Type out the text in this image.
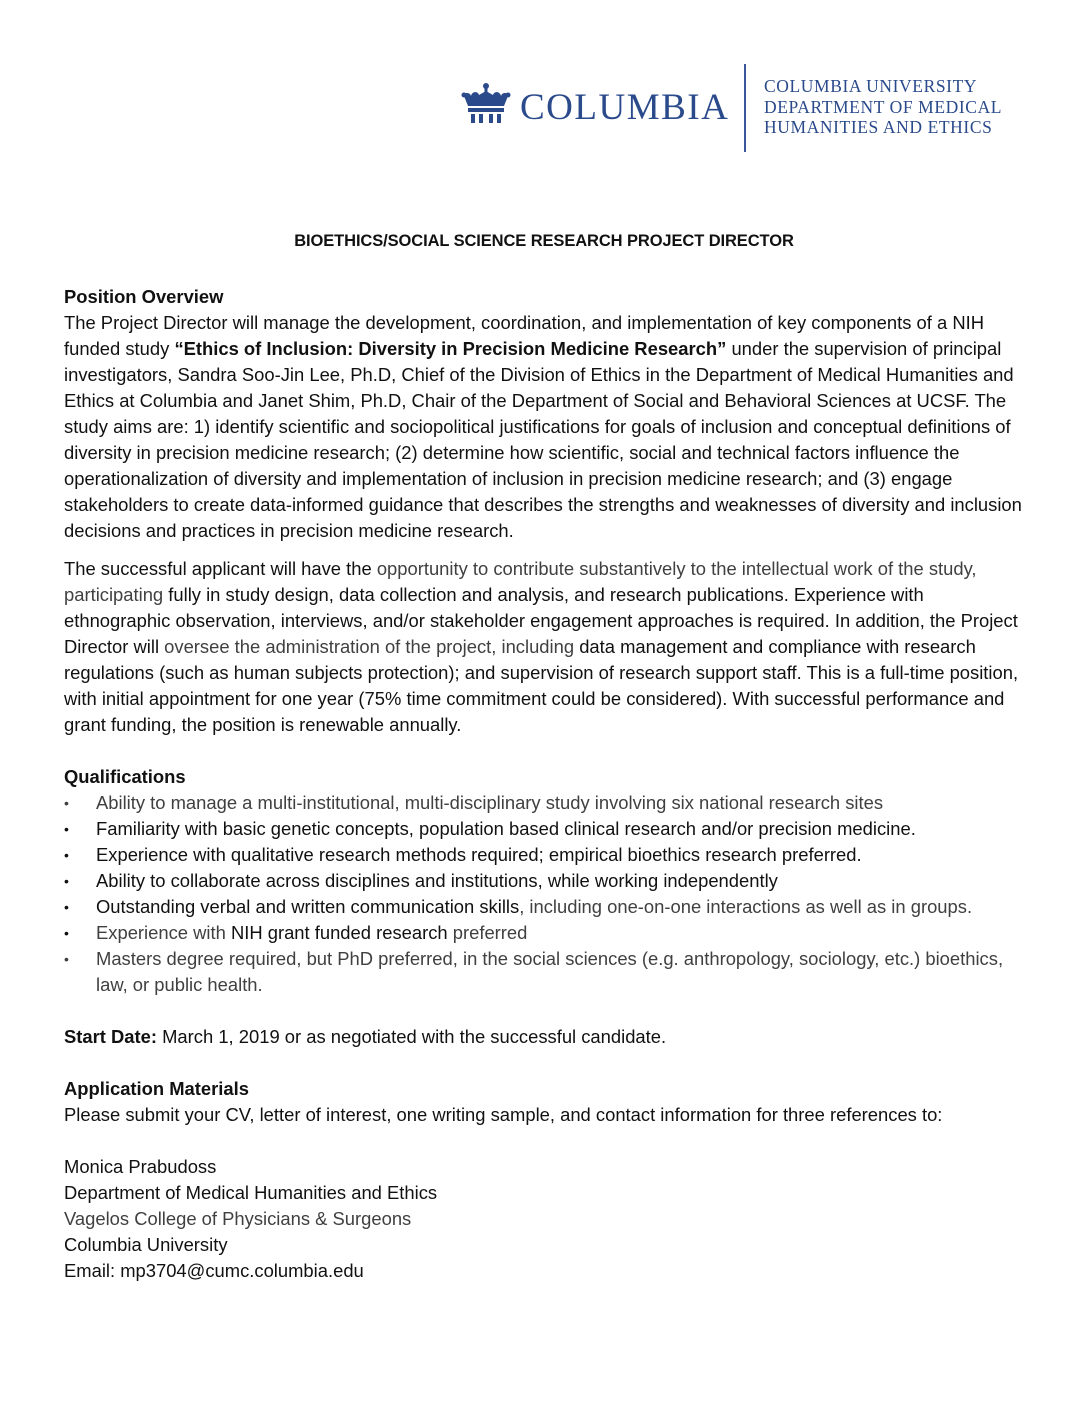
COLUMBIA
COLUMBIA UNIVERSITY
DEPARTMENT OF MEDICAL
HUMANITIES AND ETHICS
BIOETHICS/SOCIAL SCIENCE RESEARCH PROJECT DIRECTOR
Position Overview

The Project Director will manage the development, coordination, and implementation of key components of a NIH funded study “Ethics of Inclusion: Diversity in Precision Medicine Research” under the supervision of principal investigators, Sandra Soo-Jin Lee, Ph.D, Chief of the Division of Ethics in the Department of Medical Humanities and Ethics at Columbia and Janet Shim, Ph.D, Chair of the Department of Social and Behavioral Sciences at UCSF. The study aims are: 1) identify scientific and sociopolitical justifications for goals of inclusion and conceptual definitions of diversity in precision medicine research; (2) determine how scientific, social and technical factors influence the operationalization of diversity and implementation of inclusion in precision medicine research; and (3) engage stakeholders to create data-informed guidance that describes the strengths and weaknesses of diversity and inclusion decisions and practices in precision medicine research.

The successful applicant will have the opportunity to contribute substantively to the intellectual work of the study, participating fully in study design, data collection and analysis, and research publications. Experience with ethnographic observation, interviews, and/or stakeholder engagement approaches is required. In addition, the Project Director will oversee the administration of the project, including data management and compliance with research regulations (such as human subjects protection); and supervision of research support staff. This is a full-time position, with initial appointment for one year (75% time commitment could be considered). With successful performance and grant funding, the position is renewable annually.

Qualifications
•	Ability to manage a multi-institutional, multi-disciplinary study involving six national research sites
•	Familiarity with basic genetic concepts, population based clinical research and/or precision medicine.
•	Experience with qualitative research methods required; empirical bioethics research preferred.
•	Ability to collaborate across disciplines and institutions, while working independently
•	Outstanding verbal and written communication skills, including one-on-one interactions as well as in groups.
•	Experience with NIH grant funded research preferred
•	Masters degree required, but PhD preferred, in the social sciences (e.g. anthropology, sociology, etc.) bioethics, law, or public health.

Start Date: March 1, 2019 or as negotiated with the successful candidate.

Application Materials

Please submit your CV, letter of interest, one writing sample, and contact information for three references to:

Monica Prabudoss
Department of Medical Humanities and Ethics
Vagelos College of Physicians & Surgeons
Columbia University
Email: mp3704@cumc.columbia.edu
